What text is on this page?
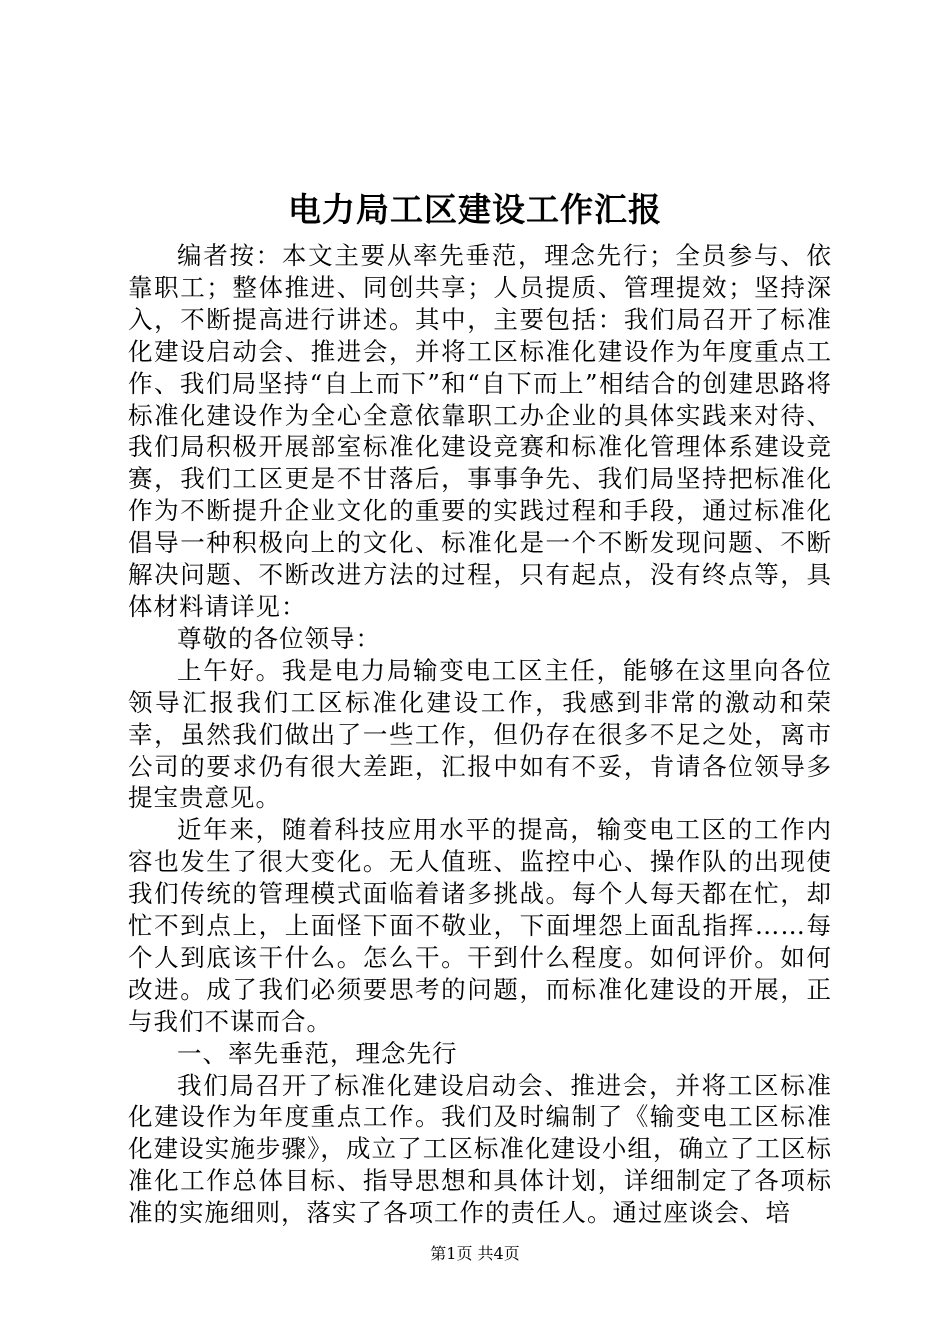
电力局工区建设工作汇报

编者按：本文主要从率先垂范，理念先行；全员参与、依靠职工；整体推进、同创共享；人员提质、管理提效；坚持深入，不断提高进行讲述。其中，主要包括：我们局召开了标准化建设启动会、推进会，并将工区标准化建设作为年度重点工作、我们局坚持“自上而下”和“自下而上”相结合的创建思路将标准化建设作为全心全意依靠职工办企业的具体实践来对待、我们局积极开展部室标准化建设竞赛和标准化管理体系建设竞赛，我们工区更是不甘落后，事事争先、我们局坚持把标准化作为不断提升企业文化的重要的实践过程和手段，通过标准化倡导一种积极向上的文化、标准化是一个不断发现问题、不断解决问题、不断改进方法的过程，只有起点，没有终点等，具体材料请详见：

尊敬的各位领导：

上午好。我是电力局输变电工区主任，能够在这里向各位领导汇报我们工区标准化建设工作，我感到非常的激动和荣幸，虽然我们做出了一些工作，但仍存在很多不足之处，离市公司的要求仍有很大差距，汇报中如有不妥，肯请各位领导多提宝贵意见。

近年来，随着科技应用水平的提高，输变电工区的工作内容也发生了很大变化。无人值班、监控中心、操作队的出现使我们传统的管理模式面临着诸多挑战。每个人每天都在忙，却忙不到点上，上面怪下面不敬业，下面埋怨上面乱指挥……每个人到底该干什么。怎么干。干到什么程度。如何评价。如何改进。成了我们必须要思考的问题，而标准化建设的开展，正与我们不谋而合。

一、率先垂范，理念先行

我们局召开了标准化建设启动会、推进会，并将工区标准化建设作为年度重点工作。我们及时编制了《输变电工区标准化建设实施步骤》，成立了工区标准化建设小组，确立了工区标准化工作总体目标、指导思想和具体计划，详细制定了各项标准的实施细则，落实了各项工作的责任人。通过座谈会、培

第1页 共4页
